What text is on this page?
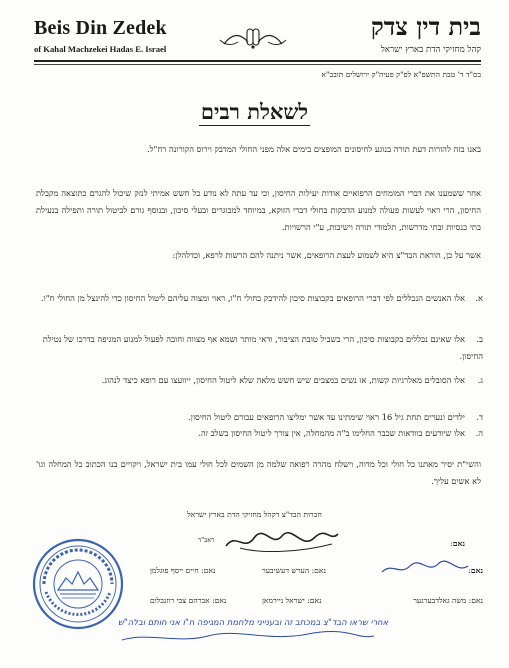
Beis Din Zedek
of Kahal Machzekei Hadas E. Israel
בית דין צדק
קהל מחזיקי הדת בארץ ישראל
בס"ד ד' טבת התשפ"א לפ"ק פעיה"ק ירושלים תובב"א
לשאלת רבים
באנו בזה להורות דעת תורה בנוגע לחיסונים המופצים בימים אלה מפני החולי המדבק וירוס הקורונה רח"ל.
אחר ששמענו את דברי המומחים הרפואיים אודות יעילות החיסון, וכי עד עתה לא נודע כל חשש אמיתי לנזק שיכול להגרם כתוצאה מקבלת החיסון, הרי ראוי לעשות פעולה למנוע הדבקות בחולי דברי הזוקא, במיוחד למבוגרים ובעלי סיכון, ובנוסף גורם לביטול תורה ותפילה בנעילת בתי כנסיות ובתי מדרשות, תלמודי תורה וישיבות, ע"י הרשויות.
אשר על כן, הוראת הבד"צ היא לשמוע לעצת הרופאים, אשר ניתנה להם הרשות לרפא, וכדלהלן:
א.אלו האנשים הנכללים לפי דברי הרופאים בקבוצות סיכון להידבק בחולי ח"ו, ראוי ומצוה עליהם ליטול החיסון כדי להינצל מן החולי ח"ו.
ב.אלו שאינם נכללים בקבוצות סיכון, הרי בשביל טובת הציבור, ודאי מותר ושמא אף מצווה וחובה לפעול למנוע המגיפה בדרכו של נטילת החיסון.
ג.אלו הסובלים מאלרגיות קשות, או נשים במצבים שיש חשש מלאה שלא ליטול החיסון, ייוועצו עם רופא כיצד לנהוג.
ד.ילדים ונערים תחת גיל 16 ראוי שימתינו עד אשר ימליצו הרופאים עבורם ליטול החיסון.
ה.אלו שיודעים בוודאות שכבר החלימו ב"ה מהמחלה, אין צורך ליטול החיסון בשלב זה.
והשי"ת יסיר מאתנו כל חולי וכל מדוה, וישלח מהרה רפואה שלמה מן השמים לכל חולי עמו בית ישראל, ויקויים בנו הכתוב כל המחלה וגו' לא אשים עליך.
חברות הבד"צ דקהל מחזיקי הדת בארץ ישראל
נאם:
ראב"ד
נאם: חיים ייסף פוגלמן	נאם: הערש דעשיבער	נאם:
נאם: אברהם צבי רוזנבלום	נאם: ישראל ניירמאן	נאם: משה גאלדבערגער
אחרי שראו הבד"צ במכתב זה ובענייני מלחמת המגיפה ח"ו אני חותם ובלה"ש
